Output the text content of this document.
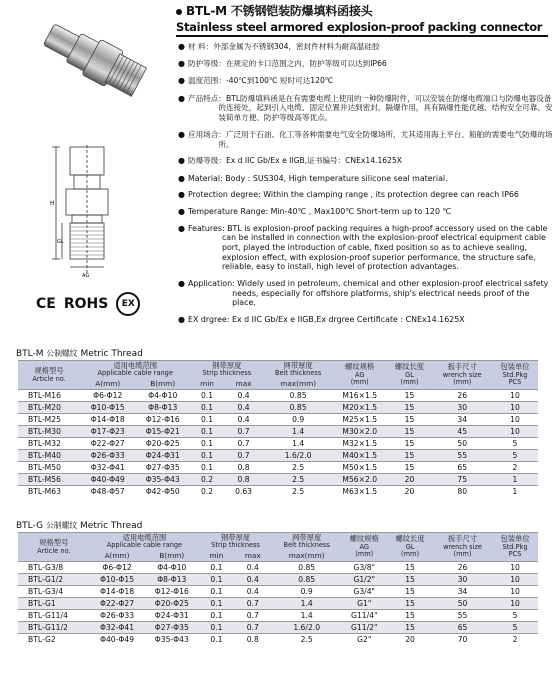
BTL-M 不锈钢铠装防爆填料函接头
Stainless steel armored explosion-proof packing connector
H
GL
AG
CE ROHS	EX
● 材 料 ：外部金属为不锈钢304，密封件材料为耐高温硅胶
● 防护等级 ：在规定的卡口范围之内，防护等级可以达到IP66
● 温度范围 ：-40℃到100℃ 短时可达120℃
● 产品特点 ：BTL防爆填料函是在有需要电缆上使用的一种防爆附件，可以安装在防爆电缆端口与防爆电器设备的连接处，起到引入电缆、固定位置并达到密封、隔爆作用，具有隔爆性能优越、结构安全可靠、安装简单方便、防护等级高等优点。
● 应用场合 ：广泛用于石油、化工等各种需要电气安全防爆场所，尤其适用海上平台、船舶的需要电气防爆的场所。
● 防爆等级 ：Ex d IIC Gb/Ex e IIGB,证书编号：CNEx14.1625X
● Material : Body : SUS304, High temperature silicone seal material.
● Protection degree : Within the clamping range , its protection degree can reach IP66
● Temperature Range : Min-40℃ , Max100℃ Short-term up to 120 ℃
● Features : BTL is explosion-proof packing requires a high-proof accessory used on the cable can be installed in connection with the explosion-proof electrical equipment cable port, played the introduction of cable, fixed position so as to achieve sealing, explosion effect, with explosion-proof superior performance, the structure safe, reliable, easy to install, high level of protection advantages.
● Application : Widely used in petroleum, chemical and other explosion-proof electrical safety needs, especially for offshore platforms, ship's electrical needs proof of the place.
● EX drgree : Ex d IIC Gb/Ex e IIGB,Ex drgree Certificate : CNEx14.1625X
BTL-M 公制螺纹 Metric Thread
规格型号
Article no.	适用电缆范围
Applicable cable range		钢带厚度
Strip thickness		网带厚度
Belt thickness	螺纹规格
AG
(mm)	螺纹长度
GL
(mm)	扳手尺寸
wrench size
(mm)	包装单位
Std.Pkg
PCS

	A(mm)	B(mm)	min	max	max(mm)				

BTL-M16	Φ6-Φ12	Φ4-Φ10	0.1	0.4	0.85	M16×1.5	15	26	10
BTL-M20	Φ10-Φ15	Φ8-Φ13	0.1	0.4	0.85	M20×1.5	15	30	10
BTL-M25	Φ14-Φ18	Φ12-Φ16	0.1	0.4	0.9	M25×1.5	15	34	10
BTL-M30	Φ17-Φ23	Φ15-Φ21	0.1	0.7	1.4	M30×2.0	15	45	10
BTL-M32	Φ22-Φ27	Φ20-Φ25	0.1	0.7	1.4	M32×1.5	15	50	5
BTL-M40	Φ26-Φ33	Φ24-Φ31	0.1	0.7	1.6/2.0	M40×1.5	15	55	5
BTL-M50	Φ32-Φ41	Φ27-Φ35	0.1	0.8	2.5	M50×1.5	15	65	2
BTL-M56	Φ40-Φ49	Φ35-Φ43	0.2	0.8	2.5	M56×2.0	20	75	1
BTL-M63	Φ48-Φ57	Φ42-Φ50	0.2	0.63	2.5	M63×1.5	20	80	1
BTL-G 公制螺纹 Metric Thread
规格型号
Article no.	适用电缆范围
Applicable cable range		钢带厚度
Strip thickness		网带厚度
Belt thickness	螺纹规格
AG
(mm)	螺纹长度
GL
(mm)	扳手尺寸
wrench size
(mm)	包装单位
Std.Pkg
PCS

	A(mm)	B(mm)	min	max	max(mm)				

BTL-G3/8	Φ6-Φ12	Φ4-Φ10	0.1	0.4	0.85	G3/8"	15	26	10
BTL-G1/2	Φ10-Φ15	Φ8-Φ13	0.1	0.4	0.85	G1/2"	15	30	10
BTL-G3/4	Φ14-Φ18	Φ12-Φ16	0.1	0.4	0.9	G3/4"	15	34	10
BTL-G1	Φ22-Φ27	Φ20-Φ25	0.1	0.7	1.4	G1"	15	50	10
BTL-G11/4	Φ26-Φ33	Φ24-Φ31	0.1	0.7	1.4	G11/4"	15	55	5
BTL-G11/2	Φ32-Φ41	Φ27-Φ35	0.1	0.7	1.6/2.0	G11/2"	15	65	5
BTL-G2	Φ40-Φ49	Φ35-Φ43	0.1	0.8	2.5	G2"	20	70	2
